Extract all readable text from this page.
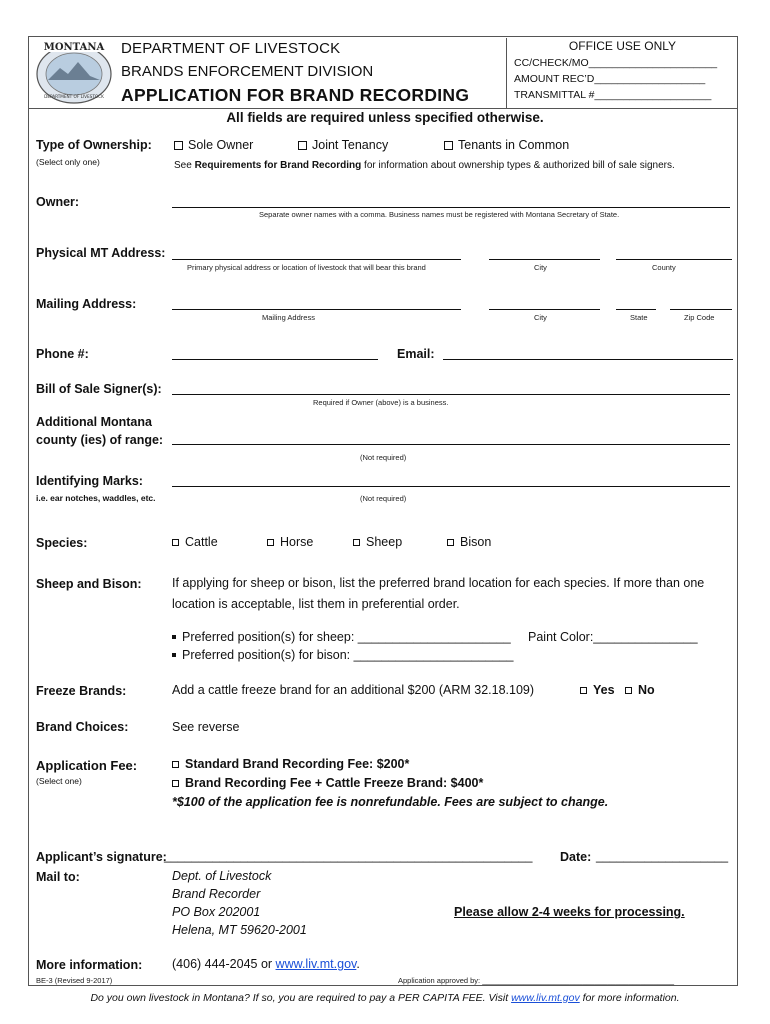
MONTANA
DEPARTMENT OF LIVESTOCK
DEPARTMENT OF LIVESTOCK
BRANDS ENFORCEMENT DIVISION
APPLICATION FOR BRAND RECORDING
OFFICE USE ONLY
CC/CHECK/MO______________________
AMOUNT REC’D___________________
TRANSMITTAL #____________________
All fields are required unless specified otherwise.
Type of Ownership:
(Select only one)
Sole Owner	Joint Tenancy	Tenants in Common
See Requirements for Brand Recording for information about ownership types & authorized bill of sale signers.
Owner:
Separate owner names with a comma. Business names must be registered with Montana Secretary of State.
Physical MT Address:
Primary physical address or location of livestock that will bear this brand	City	County
Mailing Address:
Mailing Address	City	State	Zip Code
Phone #:	Email:
Bill of Sale Signer(s):
Required if Owner (above) is a business.
Additional Montana
county (ies) of range:
(Not required)
Identifying Marks:
i.e. ear notches, waddles, etc.	(Not required)
Species:	Cattle	Horse	Sheep	Bison
Sheep and Bison: If applying for sheep or bison, list the preferred brand location for each species. If more than one
location is acceptable, list them in preferential order.
Preferred position(s) for sheep: ______________________ Paint Color:_______________
Preferred position(s) for bison: _______________________
Freeze Brands:	Add a cattle freeze brand for an additional $200 (ARM 32.18.109)	Yes	No
Brand Choices:	See reverse
Application Fee:
(Select one)
Standard Brand Recording Fee: $200*
Brand Recording Fee + Cattle Freeze Brand: $400*
*$100 of the application fee is nonrefundable. Fees are subject to change.
Applicant’s signature:
_____________________________________________________ Date: ___________________
Mail to:	Dept. of Livestock
Brand Recorder
PO Box 202001
Helena, MT 59620-2001
Please allow 2-4 weeks for processing.
More information: (406) 444-2045 or www.liv.mt.gov.
BE-3 (Revised 9-2017)	Application approved by: ______________________________________________
Do you own livestock in Montana? If so, you are required to pay a PER CAPITA FEE. Visit www.liv.mt.gov for more information.
